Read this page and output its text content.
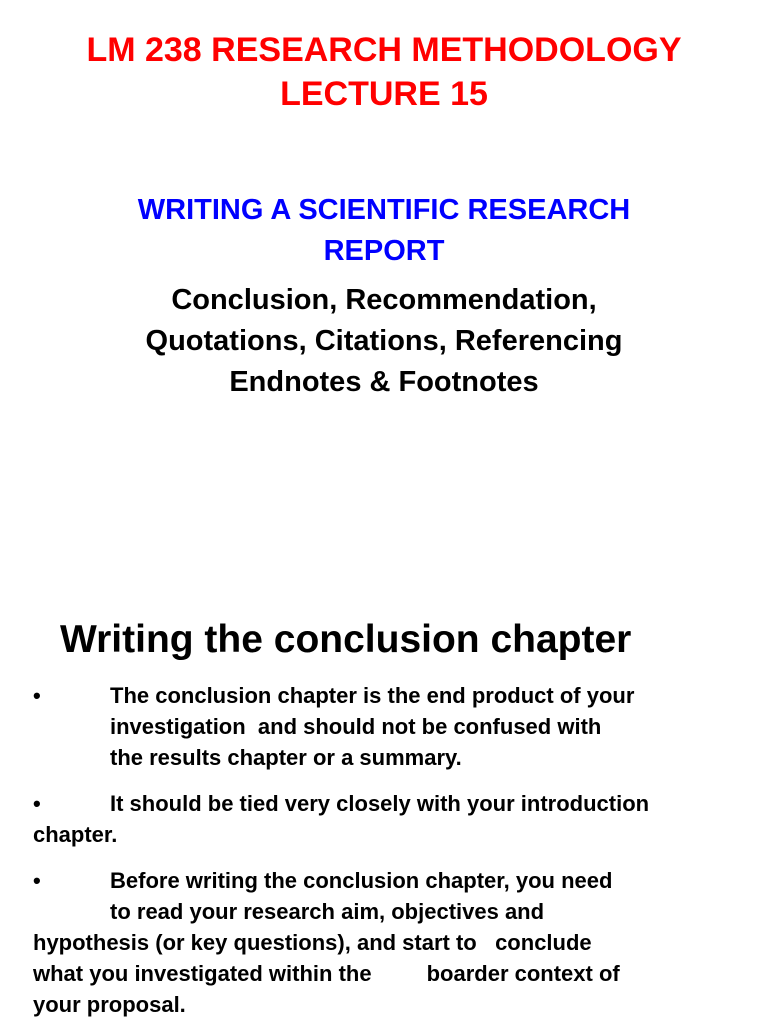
LM 238 RESEARCH METHODOLOGY
LECTURE 15
WRITING A SCIENTIFIC RESEARCH
REPORT
Conclusion, Recommendation,
Quotations, Citations, Referencing
Endnotes & Footnotes
Writing the conclusion chapter
•	The conclusion chapter is the end product of your
investigation  and should not be confused with
the results chapter or a summary.
•	It should be tied very closely with your introduction chapter.
•	Before writing the conclusion chapter, you need
to read your research aim, objectives and
hypothesis (or key questions), and start to   conclude
what you investigated within the         boarder context of
your proposal.
